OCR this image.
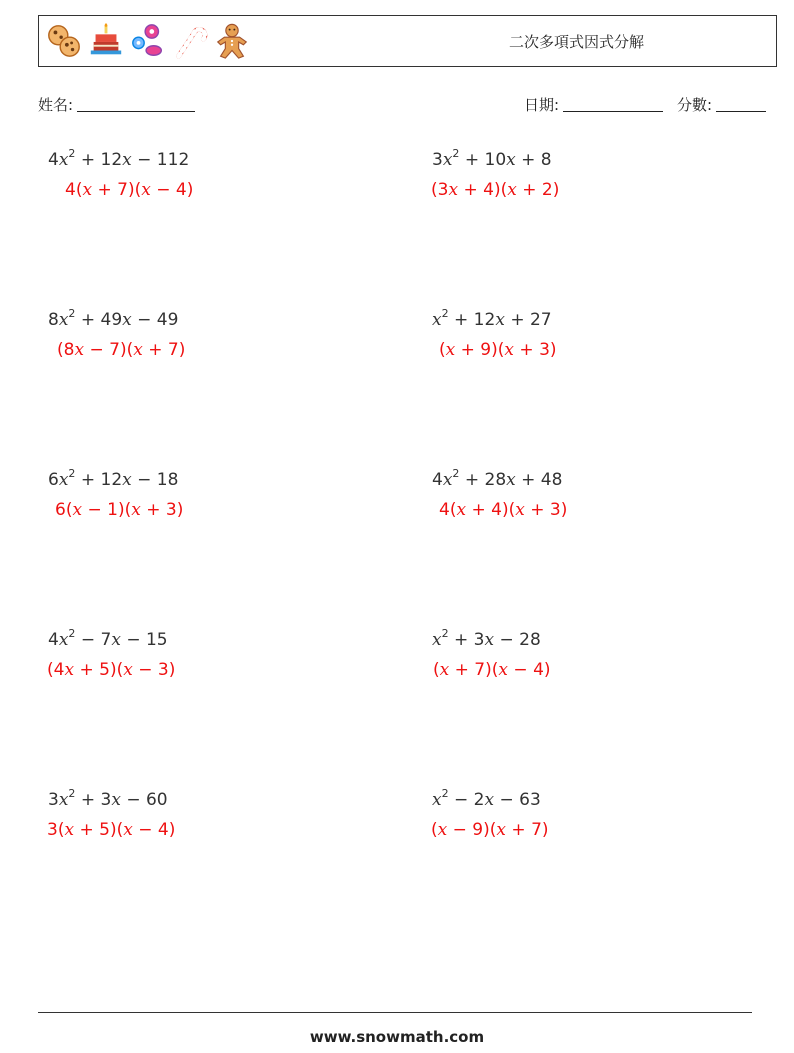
二次多項式因式分解
姓名:	日期:	分數:
$4x^2 + 12x - 112$
4(x + 7)(x − 4)
$3x^2 + 10x + 8$
(3x + 4)(x + 2)
$8x^2 + 49x - 49$
(8x − 7)(x + 7)
$x^2 + 12x + 27$
(x + 9)(x + 3)
$6x^2 + 12x - 18$
6(x − 1)(x + 3)
$4x^2 + 28x + 48$
4(x + 4)(x + 3)
$4x^2 - 7x - 15$
(4x + 5)(x − 3)
$x^2 + 3x - 28$
(x + 7)(x − 4)
$3x^2 + 3x - 60$
3(x + 5)(x − 4)
$x^2 - 2x - 63$
(x − 9)(x + 7)
www.snowmath.com
